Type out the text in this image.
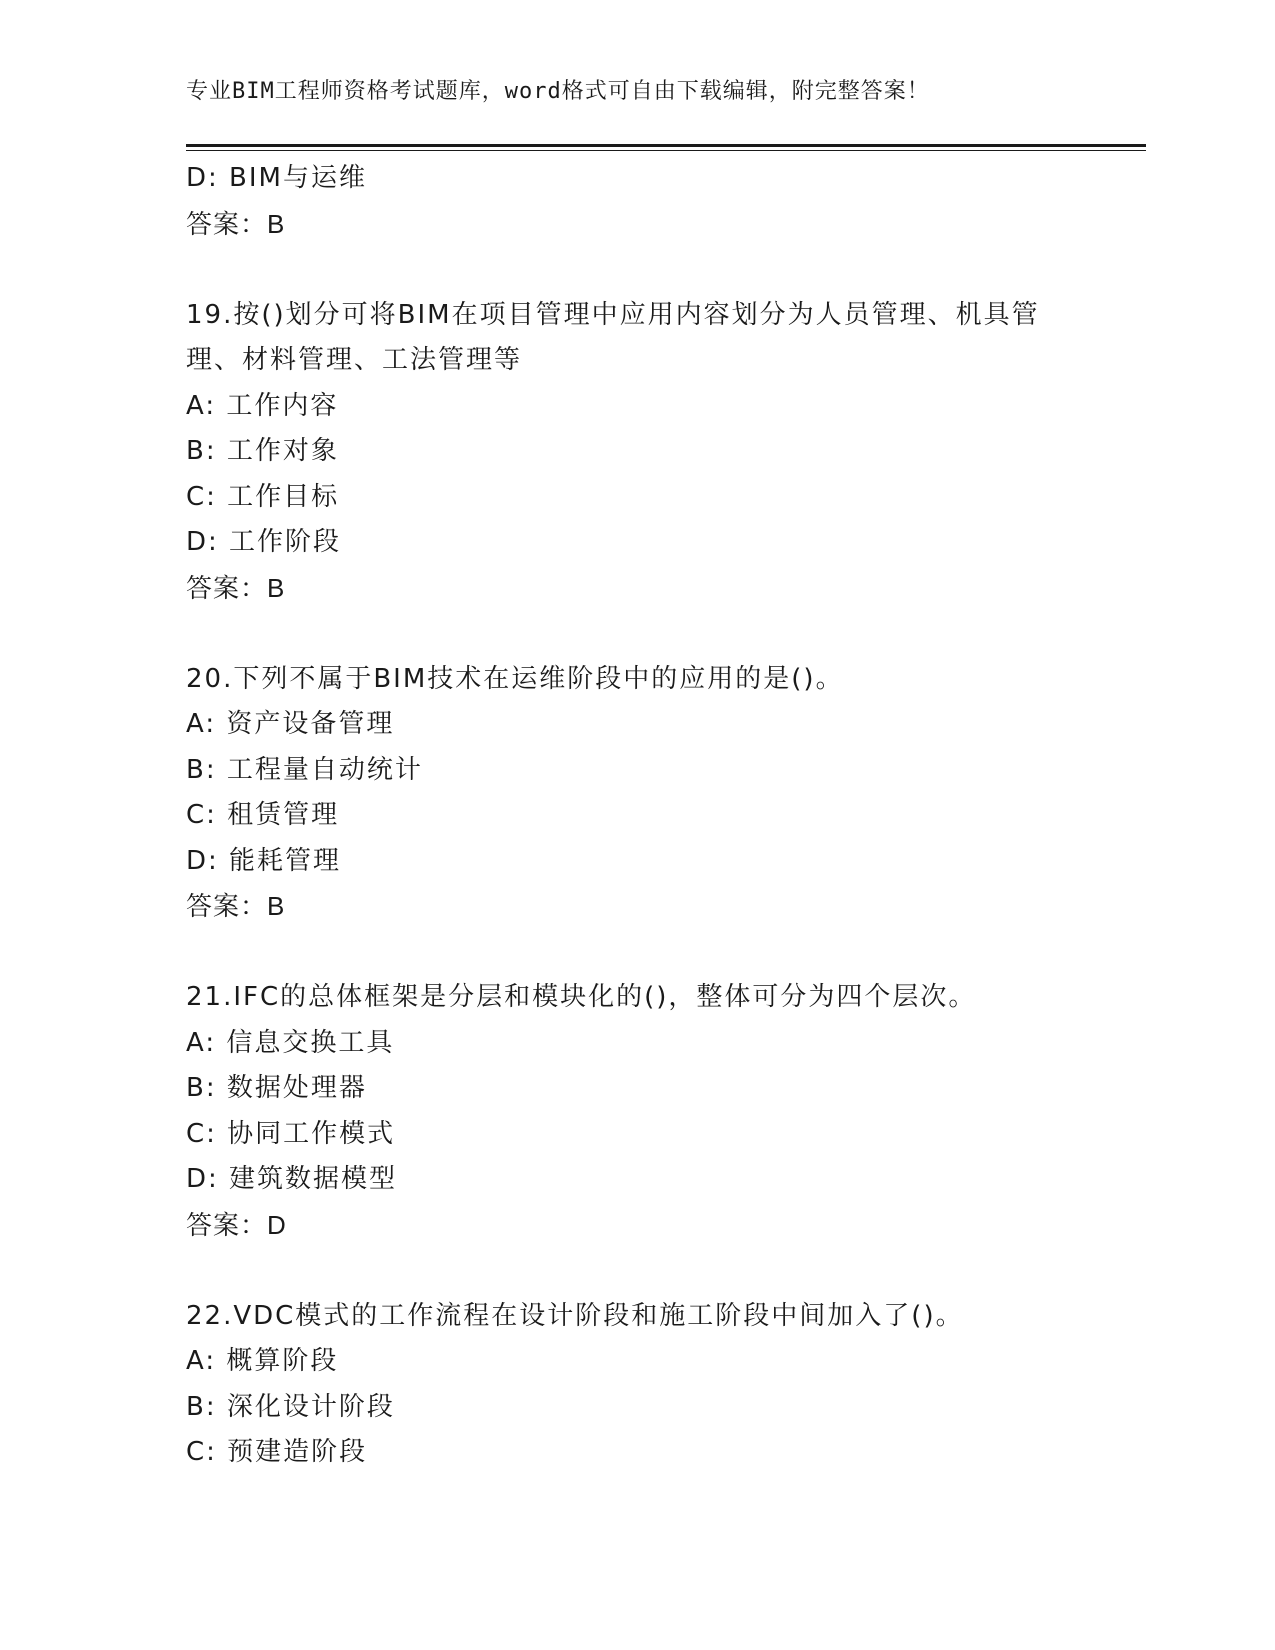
专业BIM工程师资格考试题库，word格式可自由下载编辑，附完整答案！
D: BIM与运维
答案：B
19.按()划分可将BIM在项目管理中应用内容划分为人员管理、机具管
理、材料管理、工法管理等
A: 工作内容
B: 工作对象
C: 工作目标
D: 工作阶段
答案：B
20.下列不属于BIM技术在运维阶段中的应用的是()。
A: 资产设备管理
B: 工程量自动统计
C: 租赁管理
D: 能耗管理
答案：B
21.IFC的总体框架是分层和模块化的()，整体可分为四个层次。
A: 信息交换工具
B: 数据处理器
C: 协同工作模式
D: 建筑数据模型
答案：D
22.VDC模式的工作流程在设计阶段和施工阶段中间加入了()。
A: 概算阶段
B: 深化设计阶段
C: 预建造阶段
